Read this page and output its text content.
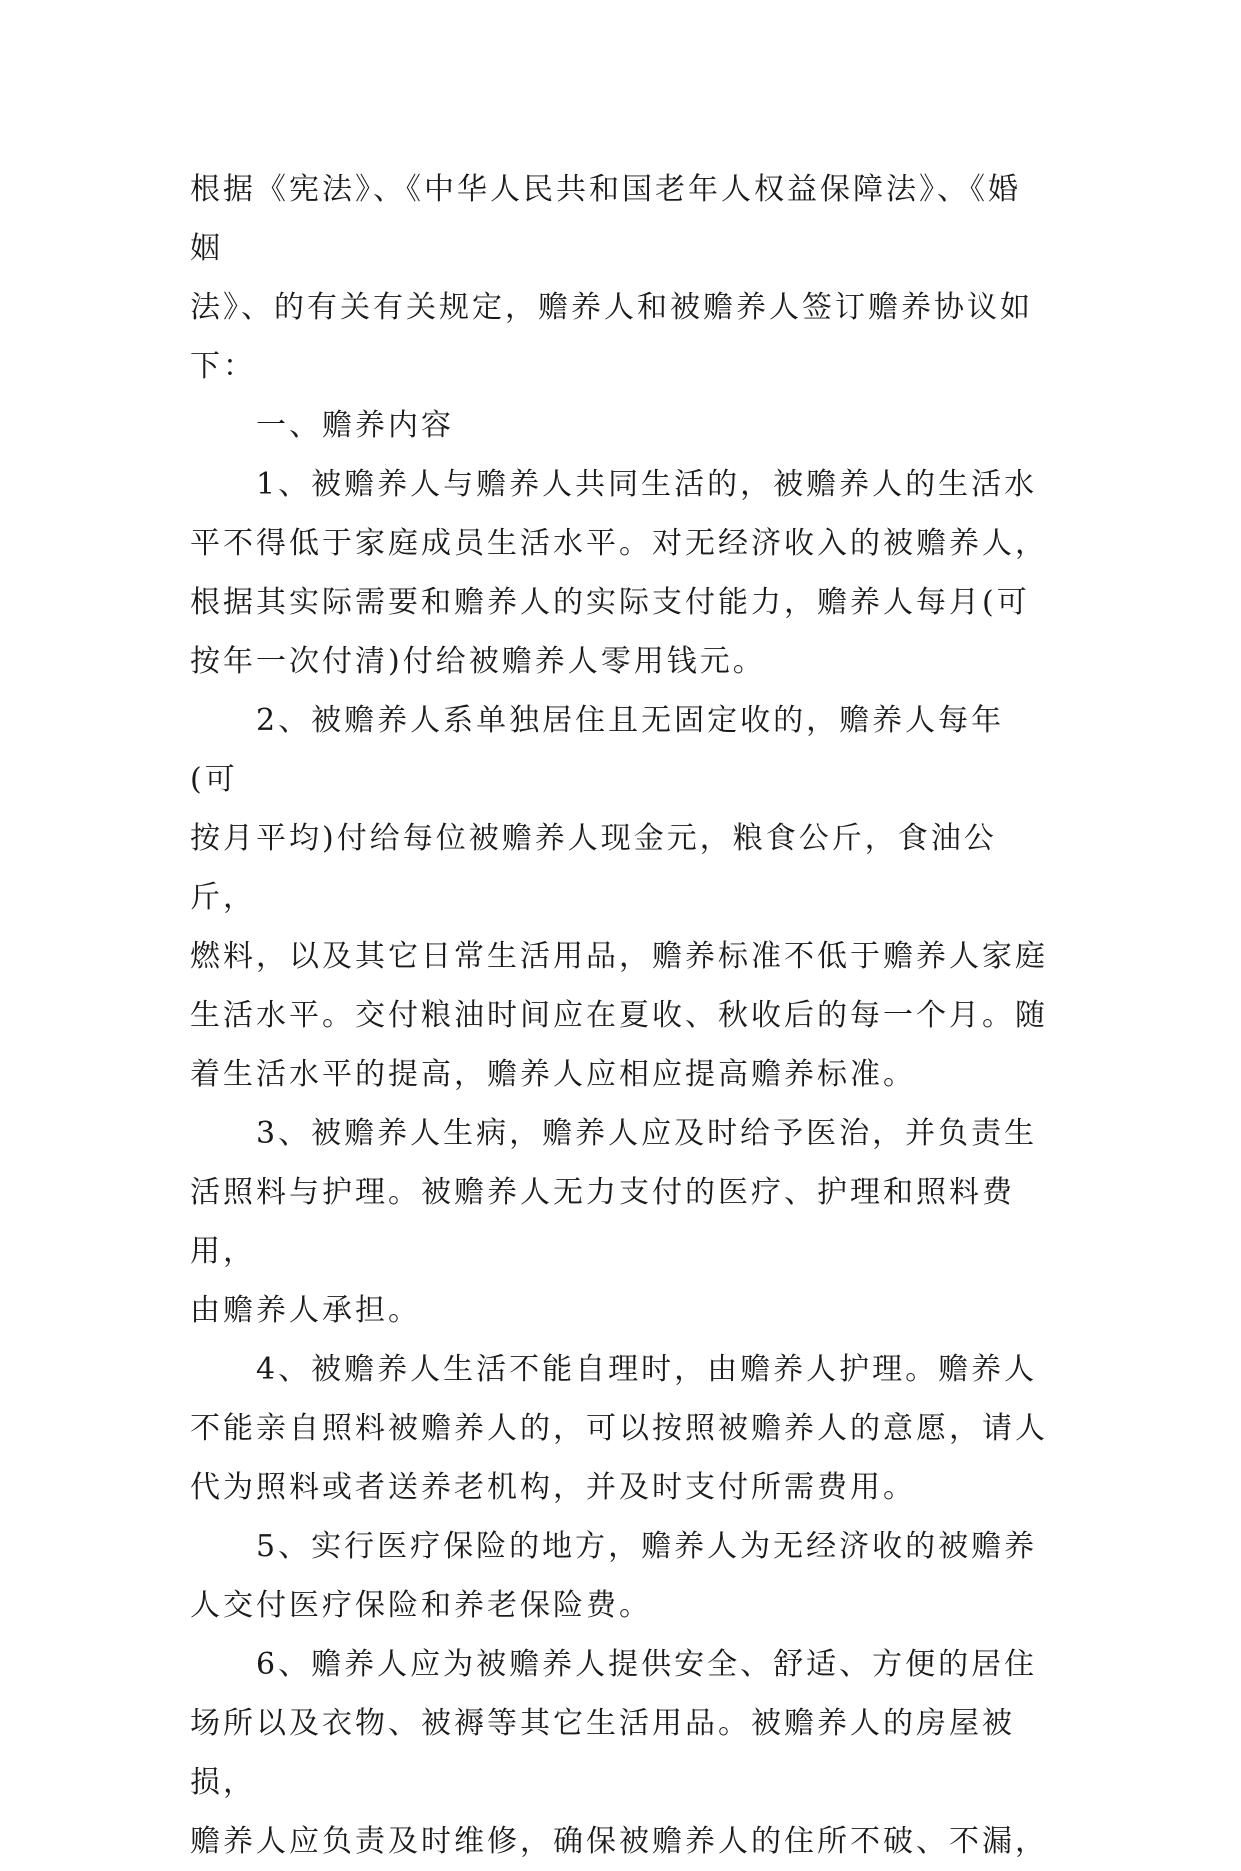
根据《宪法》、《中华人民共和国老年人权益保障法》、《婚姻
法》、的有关有关规定，赡养人和被赡养人签订赡养协议如
下：

　　一、赡养内容

　　1、被赡养人与赡养人共同生活的，被赡养人的生活水
平不得低于家庭成员生活水平。对无经济收入的被赡养人，
根据其实际需要和赡养人的实际支付能力，赡养人每月(可
按年一次付清)付给被赡养人零用钱元。

　　2、被赡养人系单独居住且无固定收的，赡养人每年(可
按月平均)付给每位被赡养人现金元，粮食公斤，食油公斤，
燃料，以及其它日常生活用品，赡养标准不低于赡养人家庭
生活水平。交付粮油时间应在夏收、秋收后的每一个月。随
着生活水平的提高，赡养人应相应提高赡养标准。

　　3、被赡养人生病，赡养人应及时给予医治，并负责生
活照料与护理。被赡养人无力支付的医疗、护理和照料费用，
由赡养人承担。

　　4、被赡养人生活不能自理时，由赡养人护理。赡养人
不能亲自照料被赡养人的，可以按照被赡养人的意愿，请人
代为照料或者送养老机构，并及时支付所需费用。

　　5、实行医疗保险的地方，赡养人为无经济收的被赡养
人交付医疗保险和养老保险费。

　　6、赡养人应为被赡养人提供安全、舒适、方便的居住
场所以及衣物、被褥等其它生活用品。被赡养人的房屋被损，
赡养人应负责及时维修，确保被赡养人的住所不破、不漏，
